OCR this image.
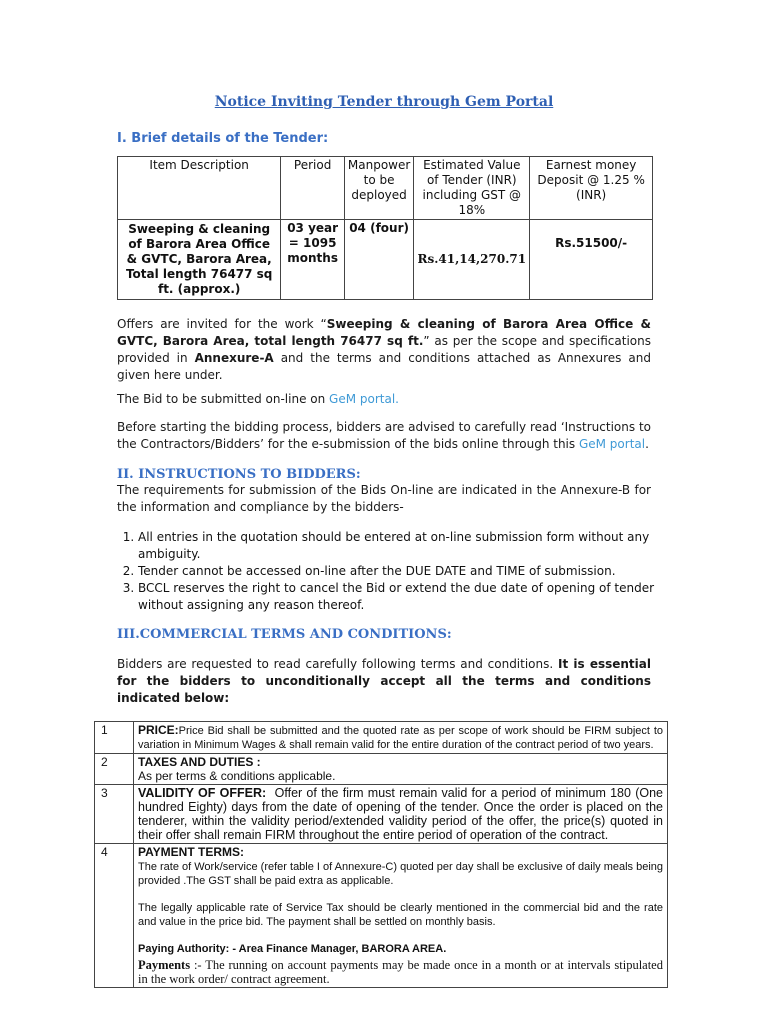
Notice Inviting Tender through Gem Portal
I. Brief details of the Tender:
Item Description	Period	Manpower to be deployed	Estimated Value of Tender (INR) including GST @ 18%	Earnest money Deposit @ 1.25 % (INR)
Sweeping & cleaning of Barora Area Office & GVTC, Barora Area, Total length 76477 sq ft. (approx.)	03 year = 1095 months	04 (four)	Rs.41,14,270.71	Rs.51500/-
Offers are invited for the work “Sweeping & cleaning of Barora Area Office & GVTC, Barora Area, total length 76477 sq ft.” as per the scope and specifications provided in Annexure-A and the terms and conditions attached as Annexures and given here under.
The Bid to be submitted on-line on GeM portal.
Before starting the bidding process, bidders are advised to carefully read ‘Instructions to the Contractors/Bidders’ for the e-submission of the bids online through this GeM portal.
II. INSTRUCTIONS TO BIDDERS:
The requirements for submission of the Bids On-line are indicated in the Annexure-B for the information and compliance by the bidders-
1. All entries in the quotation should be entered at on-line submission form without any ambiguity.
2. Tender cannot be accessed on-line after the DUE DATE and TIME of submission.
3. BCCL reserves the right to cancel the Bid or extend the due date of opening of tender without assigning any reason thereof.
III.COMMERCIAL TERMS AND CONDITIONS:
Bidders are requested to read carefully following terms and conditions. It is essential for the bidders to unconditionally accept all the terms and conditions indicated below:
1	PRICE:Price Bid shall be submitted and the quoted rate as per scope of work should be FIRM subject to variation in Minimum Wages & shall remain valid for the entire duration of the contract period of two years.
2	TAXES AND DUTIES :
As per terms & conditions applicable.

3	VALIDITY OF OFFER: Offer of the firm must remain valid for a period of minimum 180 (One hundred Eighty) days from the date of opening of the tender. Once the order is placed on the tenderer, within the validity period/extended validity period of the offer, the price(s) quoted in their offer shall remain FIRM throughout the entire period of operation of the contract.
4	PAYMENT TERMS:
The rate of Work/service (refer table I of Annexure-C) quoted per day shall be exclusive of daily meals being provided .The GST shall be paid extra as applicable.
The legally applicable rate of Service Tax should be clearly mentioned in the commercial bid and the rate and value in the price bid. The payment shall be settled on monthly basis.
Paying Authority: - Area Finance Manager, BARORA AREA.
Payments :- The running on account payments may be made once in a month or at intervals stipulated in the work order/ contract agreement.
